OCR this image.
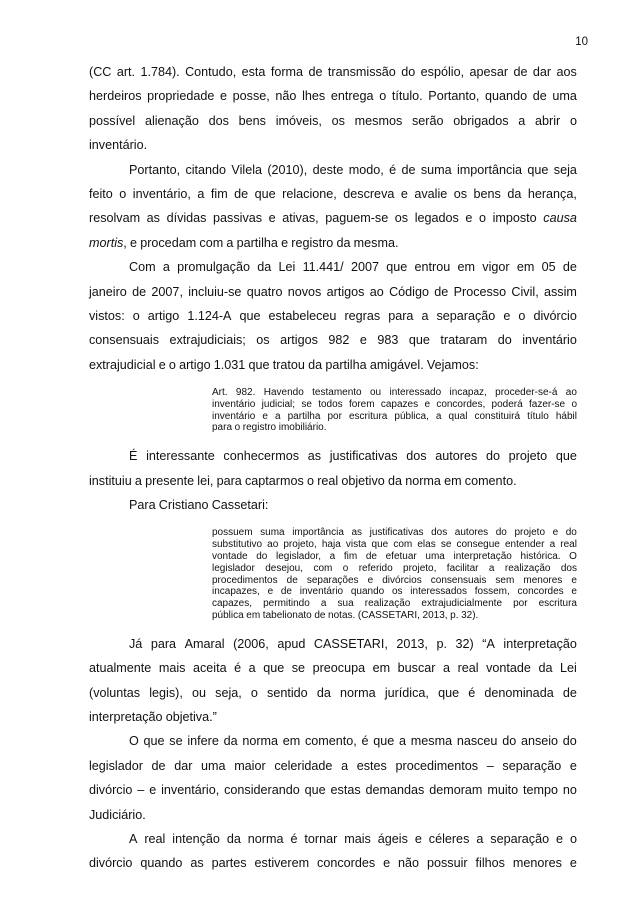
10
(CC art. 1.784). Contudo, esta forma de transmissão do espólio, apesar de dar aos
herdeiros propriedade e posse, não lhes entrega o título. Portanto, quando de uma
possível alienação dos bens imóveis, os mesmos serão obrigados a abrir o
inventário.
Portanto, citando Vilela (2010), deste modo, é de suma importância que seja
feito o inventário, a fim de que relacione, descreva e avalie os bens da herança,
resolvam as dívidas passivas e ativas, paguem-se os legados e o imposto causa
mortis, e procedam com a partilha e registro da mesma.
Com a promulgação da Lei 11.441/ 2007 que entrou em vigor em 05 de
janeiro de 2007, incluiu-se quatro novos artigos ao Código de Processo Civil, assim
vistos: o artigo 1.124-A que estabeleceu regras para a separação e o divórcio
consensuais extrajudiciais; os artigos 982 e 983 que trataram do inventário
extrajudicial e o artigo 1.031 que tratou da partilha amigável. Vejamos:
Art. 982. Havendo testamento ou interessado incapaz, proceder-se-á ao
inventário judicial; se todos forem capazes e concordes, poderá fazer-se o
inventário e a partilha por escritura pública, a qual constituirá título hábil
para o registro imobiliário.
É interessante conhecermos as justificativas dos autores do projeto que
instituiu a presente lei, para captarmos o real objetivo da norma em comento.
Para Cristiano Cassetari:
possuem suma importância as justificativas dos autores do projeto e do
substitutivo ao projeto, haja vista que com elas se consegue entender a real
vontade do legislador, a fim de efetuar uma interpretação histórica. O
legislador desejou, com o referido projeto, facilitar a realização dos
procedimentos de separações e divórcios consensuais sem menores e
incapazes, e de inventário quando os interessados fossem, concordes e
capazes, permitindo a sua realização extrajudicialmente por escritura
pública em tabelionato de notas. (CASSETARI, 2013, p. 32).
Já para Amaral (2006, apud CASSETARI, 2013, p. 32) “A interpretação
atualmente mais aceita é a que se preocupa em buscar a real vontade da Lei
(voluntas legis), ou seja, o sentido da norma jurídica, que é denominada de
interpretação objetiva.”
O que se infere da norma em comento, é que a mesma nasceu do anseio do
legislador de dar uma maior celeridade a estes procedimentos – separação e
divórcio – e inventário, considerando que estas demandas demoram muito tempo no
Judiciário.
A real intenção da norma é tornar mais ágeis e céleres a separação e o
divórcio quando as partes estiverem concordes e não possuir filhos menores e
